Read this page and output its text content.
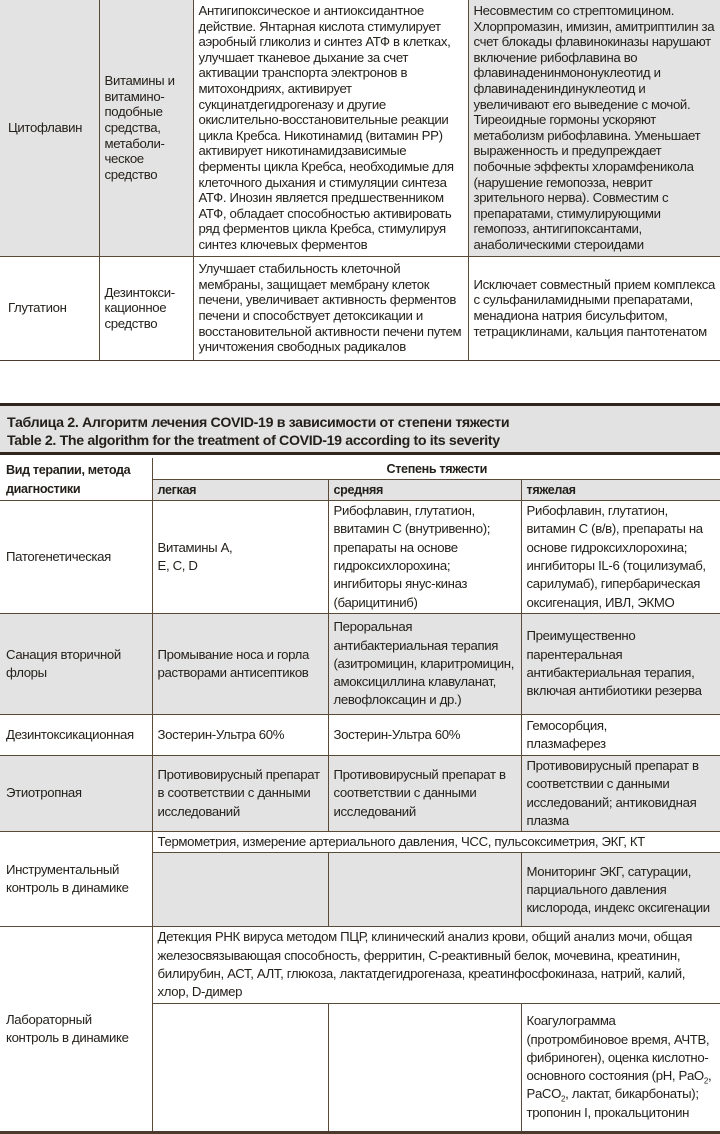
Цитофлавин	Витамины и витамино-подобные средства, метаболи-ческое средство	Антигипоксическое и антиоксидантное действие. Янтарная кислота стимулирует аэробный гликолиз и синтез АТФ в клетках, улучшает тканевое дыхание за счет активации транспорта электронов в митохондриях, активирует сукцинатдегидрогеназу и другие окислительно-восстановительные реакции цикла Кребса. Никотинамид (витамин PP) активирует никотинамидзависимые ферменты цикла Кребса, необходимые для клеточного дыхания и стимуляции синтеза АТФ. Инозин является предшественником АТФ, обладает способностью активировать ряд ферментов цикла Кребса, стимулируя синтез ключевых ферментов	Несовместим со стрептомицином. Хлорпромазин, имизин, амитриптилин за счет блокады флавинокиназы нарушают включение рибофлавина во флавинаденинмононуклеотид и флавинадениндинуклеотид и увеличивают его выведение с мочой. Тиреоидные гормоны ускоряют метаболизм рибофлавина. Уменьшает выраженность и предупреждает побочные эффекты хлорамфеникола (нарушение гемопоэза, неврит зрительного нерва). Совместим с препаратами, стимулирующими гемопоэз, антигипоксантами, анаболическими стероидами
Глутатион	Дезинтокси-кационное средство	Улучшает стабильность клеточной мембраны, защищает мембрану клеток печени, увеличивает активность ферментов печени и способствует детоксикации и восстановительной активности печени путем уничтожения свободных радикалов	Исключает совместный прием комплекса с сульфаниламидными препаратами, менадиона натрия бисульфитом, тетрациклинами, кальция пантотенатом
Таблица 2. Алгоритм лечения COVID-19 в зависимости от степени тяжести
Table 2. The algorithm for the treatment of COVID-19 according to its severity
Вид терапии, метода диагностики	Степень тяжести		
	легкая	средняя	тяжелая
Патогенетическая	Витамины A, E, C, D	Рибофлавин, глутатион, ввитамин С (внутривенно); препараты на основе гидроксихлорохина; ингибиторы янус-киназ (барицитиниб)	Рибофлавин, глутатион, витамин С (в/в), препараты на основе гидроксихлорохина; ингибиторы IL-6 (тоцилизумаб, сарилумаб), гипербарическая оксигенация, ИВЛ, ЭКМО
Санация вторичной флоры	Промывание носа и горла растворами антисептиков	Пероральная антибактериальная терапия (азитромицин, кларитромицин, амоксициллина клавуланат, левофлоксацин и др.)	Преимущественно парентеральная антибактериальная терапия, включая антибиотики резерва
Дезинтоксикационная	Зостерин-Ультра 60%	Зостерин-Ультра 60%	Гемосорбция, плазмаферез

Этиотропная	Противовирусный препарат в соответствии с данными исследований	Противовирусный препарат в соответствии с данными исследований	Противовирусный препарат в соответствии с данными исследований; антиковидная плазма
Инструментальный контроль в динамике	Термометрия, измерение артериального давления, ЧСС, пульсоксиметрия, ЭКГ, КТ		
			Мониторинг ЭКГ, сатурации, парциального давления кислорода, индекс оксигенации
Лабораторный контроль в динамике	Детекция РНК вируса методом ПЦР, клинический анализ крови, общий анализ мочи, общая железосвязывающая способность, ферритин, С-реактивный белок, мочевина, креатинин, билирубин, АСТ, АЛТ, глюкоза, лактатдегидрогеназа, креатинфосфокиназа, натрий, калий, хлор, D-димер		
			Коагулограмма (протромбиновое время, АЧТВ, фибриноген), оценка кислотно-основного состояния (pH, PaO$_2$, PaCO$_2$, лактат, бикарбонаты); тропонин I, прокальцитонин
